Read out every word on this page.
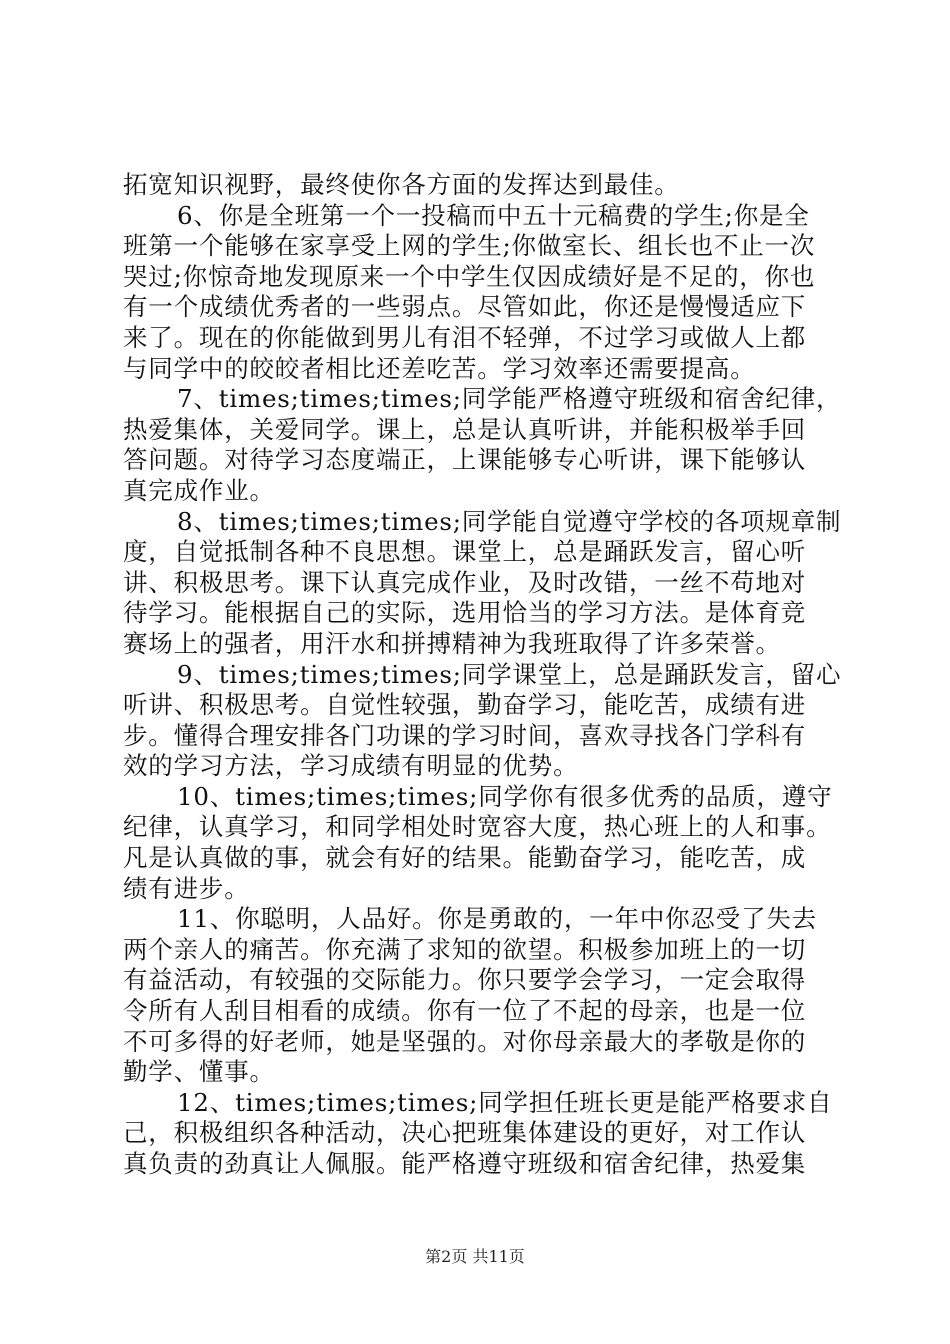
拓宽知识视野，最终使你各方面的发挥达到最佳。
6、你是全班第一个一投稿而中五十元稿费的学生;你是全
班第一个能够在家享受上网的学生;你做室长、组长也不止一次
哭过;你惊奇地发现原来一个中学生仅因成绩好是不足的，你也
有一个成绩优秀者的一些弱点。尽管如此，你还是慢慢适应下
来了。现在的你能做到男儿有泪不轻弹，不过学习或做人上都
与同学中的皎皎者相比还差吃苦。学习效率还需要提高。
7、times;times;times;同学能严格遵守班级和宿舍纪律，
热爱集体，关爱同学。课上，总是认真听讲，并能积极举手回
答问题。对待学习态度端正，上课能够专心听讲，课下能够认
真完成作业。
8、times;times;times;同学能自觉遵守学校的各项规章制
度，自觉抵制各种不良思想。课堂上，总是踊跃发言，留心听
讲、积极思考。课下认真完成作业，及时改错，一丝不苟地对
待学习。能根据自己的实际，选用恰当的学习方法。是体育竞
赛场上的强者，用汗水和拼搏精神为我班取得了许多荣誉。
9、times;times;times;同学课堂上，总是踊跃发言，留心
听讲、积极思考。自觉性较强，勤奋学习，能吃苦，成绩有进
步。懂得合理安排各门功课的学习时间，喜欢寻找各门学科有
效的学习方法，学习成绩有明显的优势。
10、times;times;times;同学你有很多优秀的品质，遵守
纪律，认真学习，和同学相处时宽容大度，热心班上的人和事。
凡是认真做的事，就会有好的结果。能勤奋学习，能吃苦，成
绩有进步。
11、你聪明，人品好。你是勇敢的，一年中你忍受了失去
两个亲人的痛苦。你充满了求知的欲望。积极参加班上的一切
有益活动，有较强的交际能力。你只要学会学习，一定会取得
令所有人刮目相看的成绩。你有一位了不起的母亲，也是一位
不可多得的好老师，她是坚强的。对你母亲最大的孝敬是你的
勤学、懂事。
12、times;times;times;同学担任班长更是能严格要求自
己，积极组织各种活动，决心把班集体建设的更好，对工作认
真负责的劲真让人佩服。能严格遵守班级和宿舍纪律，热爱集
第2页 共11页
